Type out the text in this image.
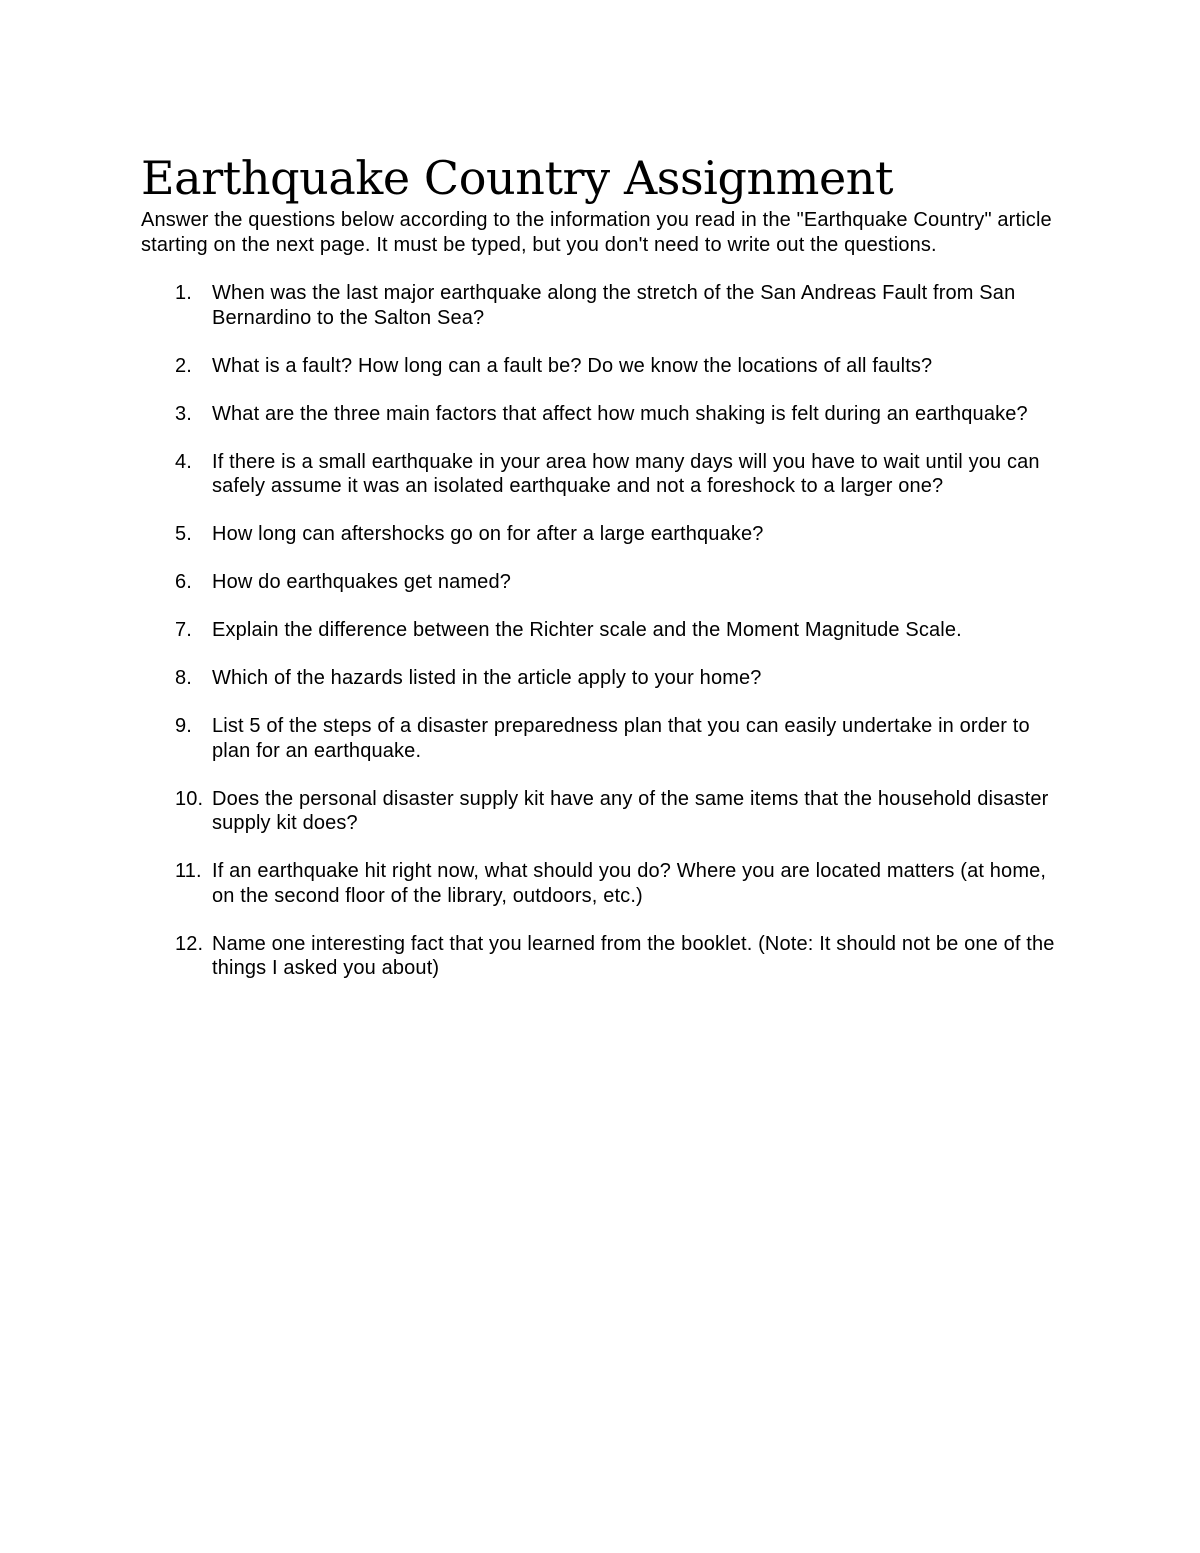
Earthquake Country Assignment

Answer the questions below according to the information you read in the "Earthquake Country" article starting on the next page. It must be typed, but you don't need to write out the questions.

1.	When was the last major earthquake along the stretch of the San Andreas Fault from San Bernardino to the Salton Sea?
2.	What is a fault? How long can a fault be? Do we know the locations of all faults?
3.	What are the three main factors that affect how much shaking is felt during an earthquake?
4.	If there is a small earthquake in your area how many days will you have to wait until you can safely assume it was an isolated earthquake and not a foreshock to a larger one?
5.	How long can aftershocks go on for after a large earthquake?
6.	How do earthquakes get named?
7.	Explain the difference between the Richter scale and the Moment Magnitude Scale.
8.	Which of the hazards listed in the article apply to your home?
9.	List 5 of the steps of a disaster preparedness plan that you can easily undertake in order to plan for an earthquake.
10. Does the personal disaster supply kit have any of the same items that the household disaster supply kit does?
11. If an earthquake hit right now, what should you do? Where you are located matters (at home, on the second floor of the library, outdoors, etc.)
12. Name one interesting fact that you learned from the booklet. (Note: It should not be one of the things I asked you about)
